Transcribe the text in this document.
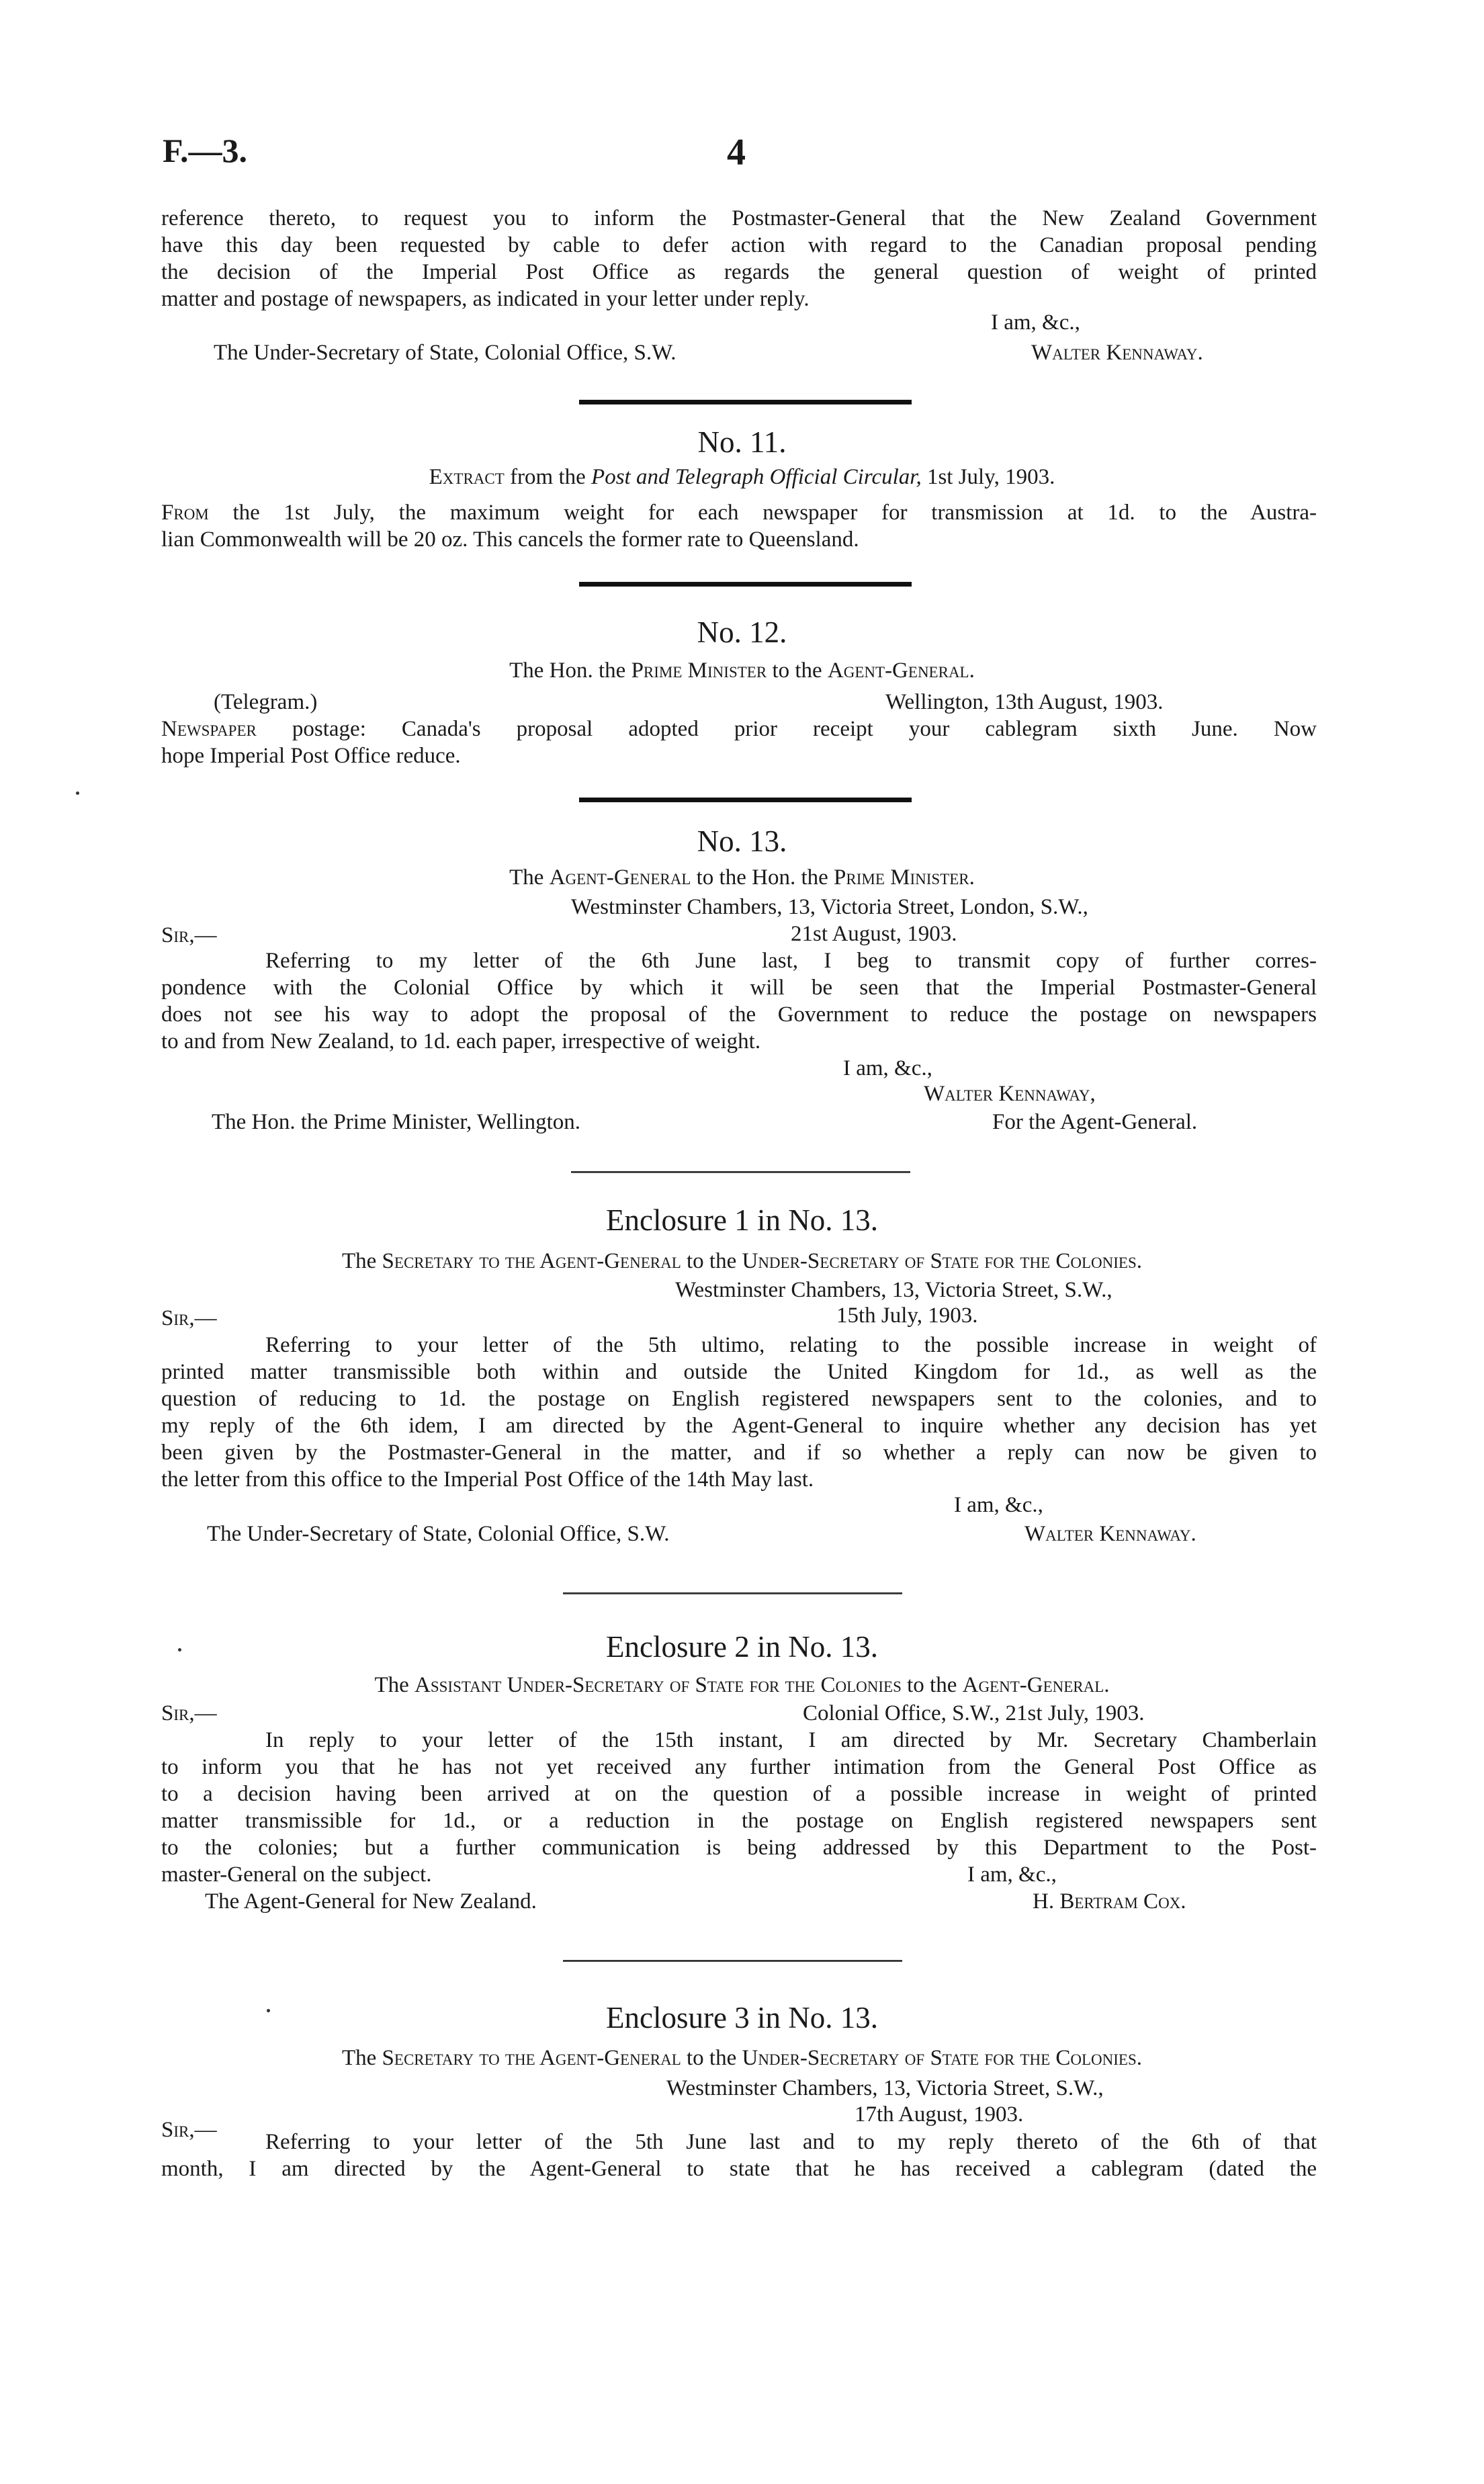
F.—3.	4
reference thereto, to request you to inform the Postmaster-General that the New Zealand Government
have this day been requested by cable to defer action with regard to the Canadian proposal pending
the decision of the Imperial Post Office as regards the general question of weight of printed
matter and postage of newspapers, as indicated in your letter under reply.
I am, &c.,
The Under-Secretary of State, Colonial Office, S.W.	Walter Kennaway.
No. 11.
Extract from the Post and Telegraph Official Circular, 1st July, 1903.
From the 1st July, the maximum weight for each newspaper for transmission at 1d. to the Austra-
lian Commonwealth will be 20 oz. This cancels the former rate to Queensland.
No. 12.
The Hon. the Prime Minister to the Agent-General.
(Telegram.)	Wellington, 13th August, 1903.
Newspaper postage: Canada's proposal adopted prior receipt your cablegram sixth June. Now
hope Imperial Post Office reduce.
No. 13.
The Agent-General to the Hon. the Prime Minister.
Westminster Chambers, 13, Victoria Street, London, S.W.,
Sir,—	21st August, 1903.
Referring to my letter of the 6th June last, I beg to transmit copy of further corres-
pondence with the Colonial Office by which it will be seen that the Imperial Postmaster-General
does not see his way to adopt the proposal of the Government to reduce the postage on newspapers
to and from New Zealand, to 1d. each paper, irrespective of weight.
I am, &c.,
Walter Kennaway,
The Hon. the Prime Minister, Wellington.	For the Agent-General.
Enclosure 1 in No. 13.
The Secretary to the Agent-General to the Under-Secretary of State for the Colonies.
Westminster Chambers, 13, Victoria Street, S.W.,
Sir,—	15th July, 1903.
Referring to your letter of the 5th ultimo, relating to the possible increase in weight of
printed matter transmissible both within and outside the United Kingdom for 1d., as well as the
question of reducing to 1d. the postage on English registered newspapers sent to the colonies, and to
my reply of the 6th idem, I am directed by the Agent-General to inquire whether any decision has yet
been given by the Postmaster-General in the matter, and if so whether a reply can now be given to
the letter from this office to the Imperial Post Office of the 14th May last.
I am, &c.,
The Under-Secretary of State, Colonial Office, S.W.	Walter Kennaway.
Enclosure 2 in No. 13.
The Assistant Under-Secretary of State for the Colonies to the Agent-General.
Sir,—	Colonial Office, S.W., 21st July, 1903.
In reply to your letter of the 15th instant, I am directed by Mr. Secretary Chamberlain
to inform you that he has not yet received any further intimation from the General Post Office as
to a decision having been arrived at on the question of a possible increase in weight of printed
matter transmissible for 1d., or a reduction in the postage on English registered newspapers sent
to the colonies; but a further communication is being addressed by this Department to the Post-
master-General on the subject.	I am, &c.,
The Agent-General for New Zealand.	H. Bertram Cox.
Enclosure 3 in No. 13.
The Secretary to the Agent-General to the Under-Secretary of State for the Colonies.
Westminster Chambers, 13, Victoria Street, S.W.,
17th August, 1903.
Sir,—	Referring to your letter of the 5th June last and to my reply thereto of the 6th of that
month, I am directed by the Agent-General to state that he has received a cablegram (dated the
